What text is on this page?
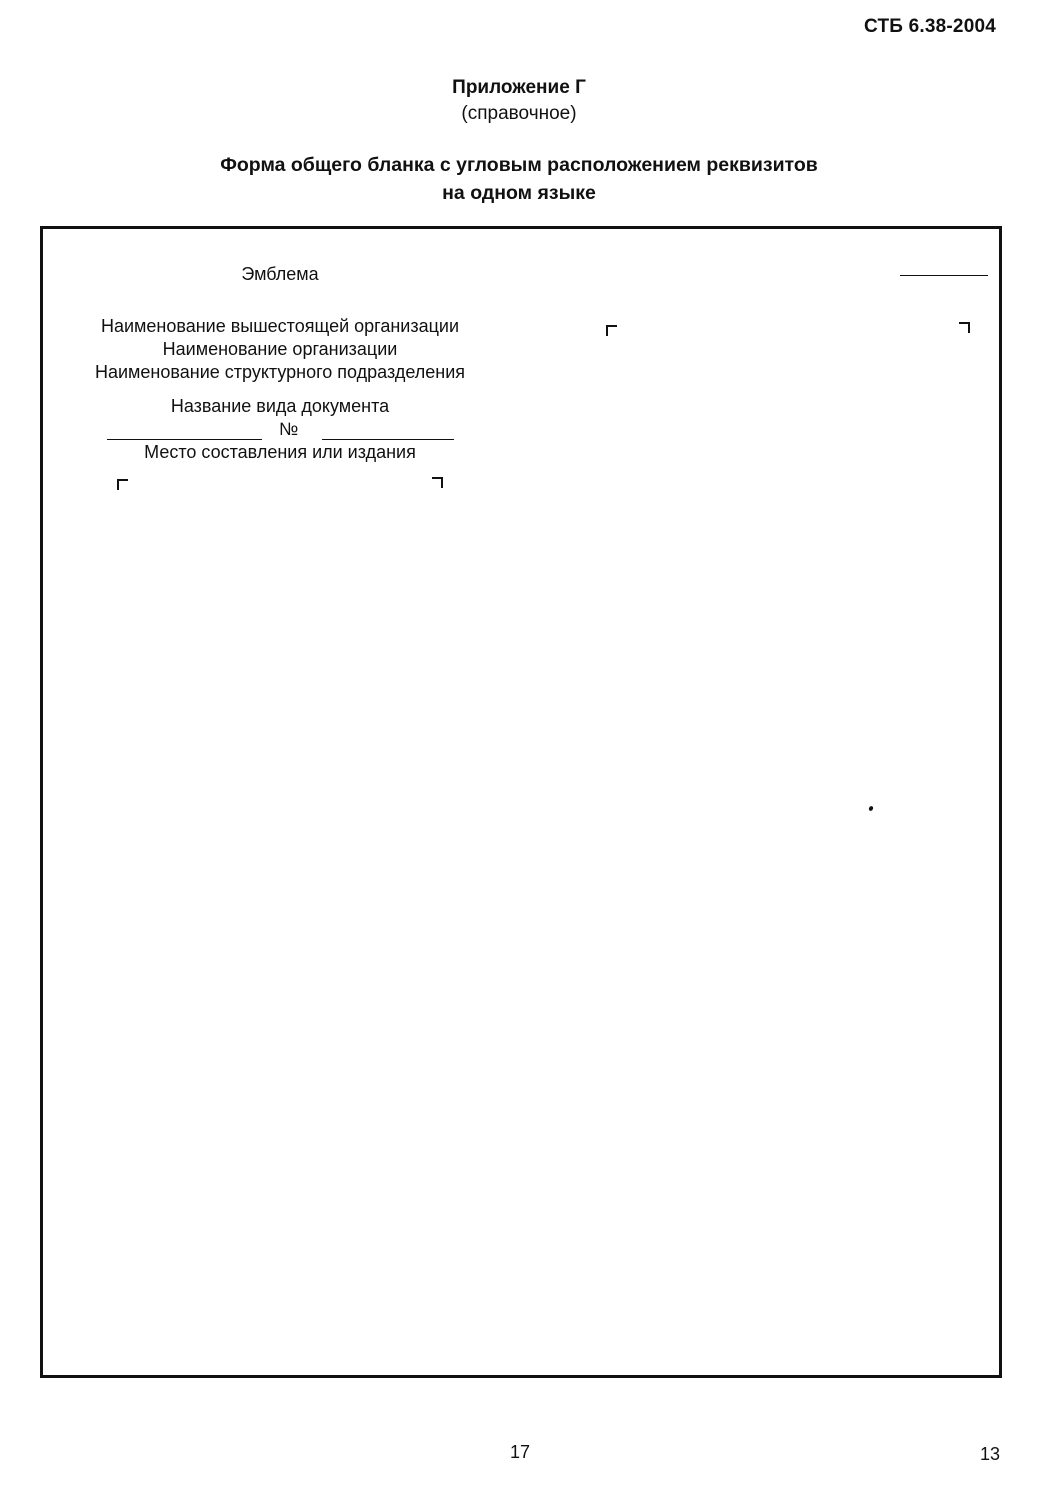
СТБ 6.38-2004
Приложение Г
(справочное)
Форма общего бланка с угловым расположением реквизитов
на одном языке
Эмблема
Наименование вышестоящей организации
Наименование организации
Наименование структурного подразделения
Название вида документа
№
Место составления или издания
17	13
